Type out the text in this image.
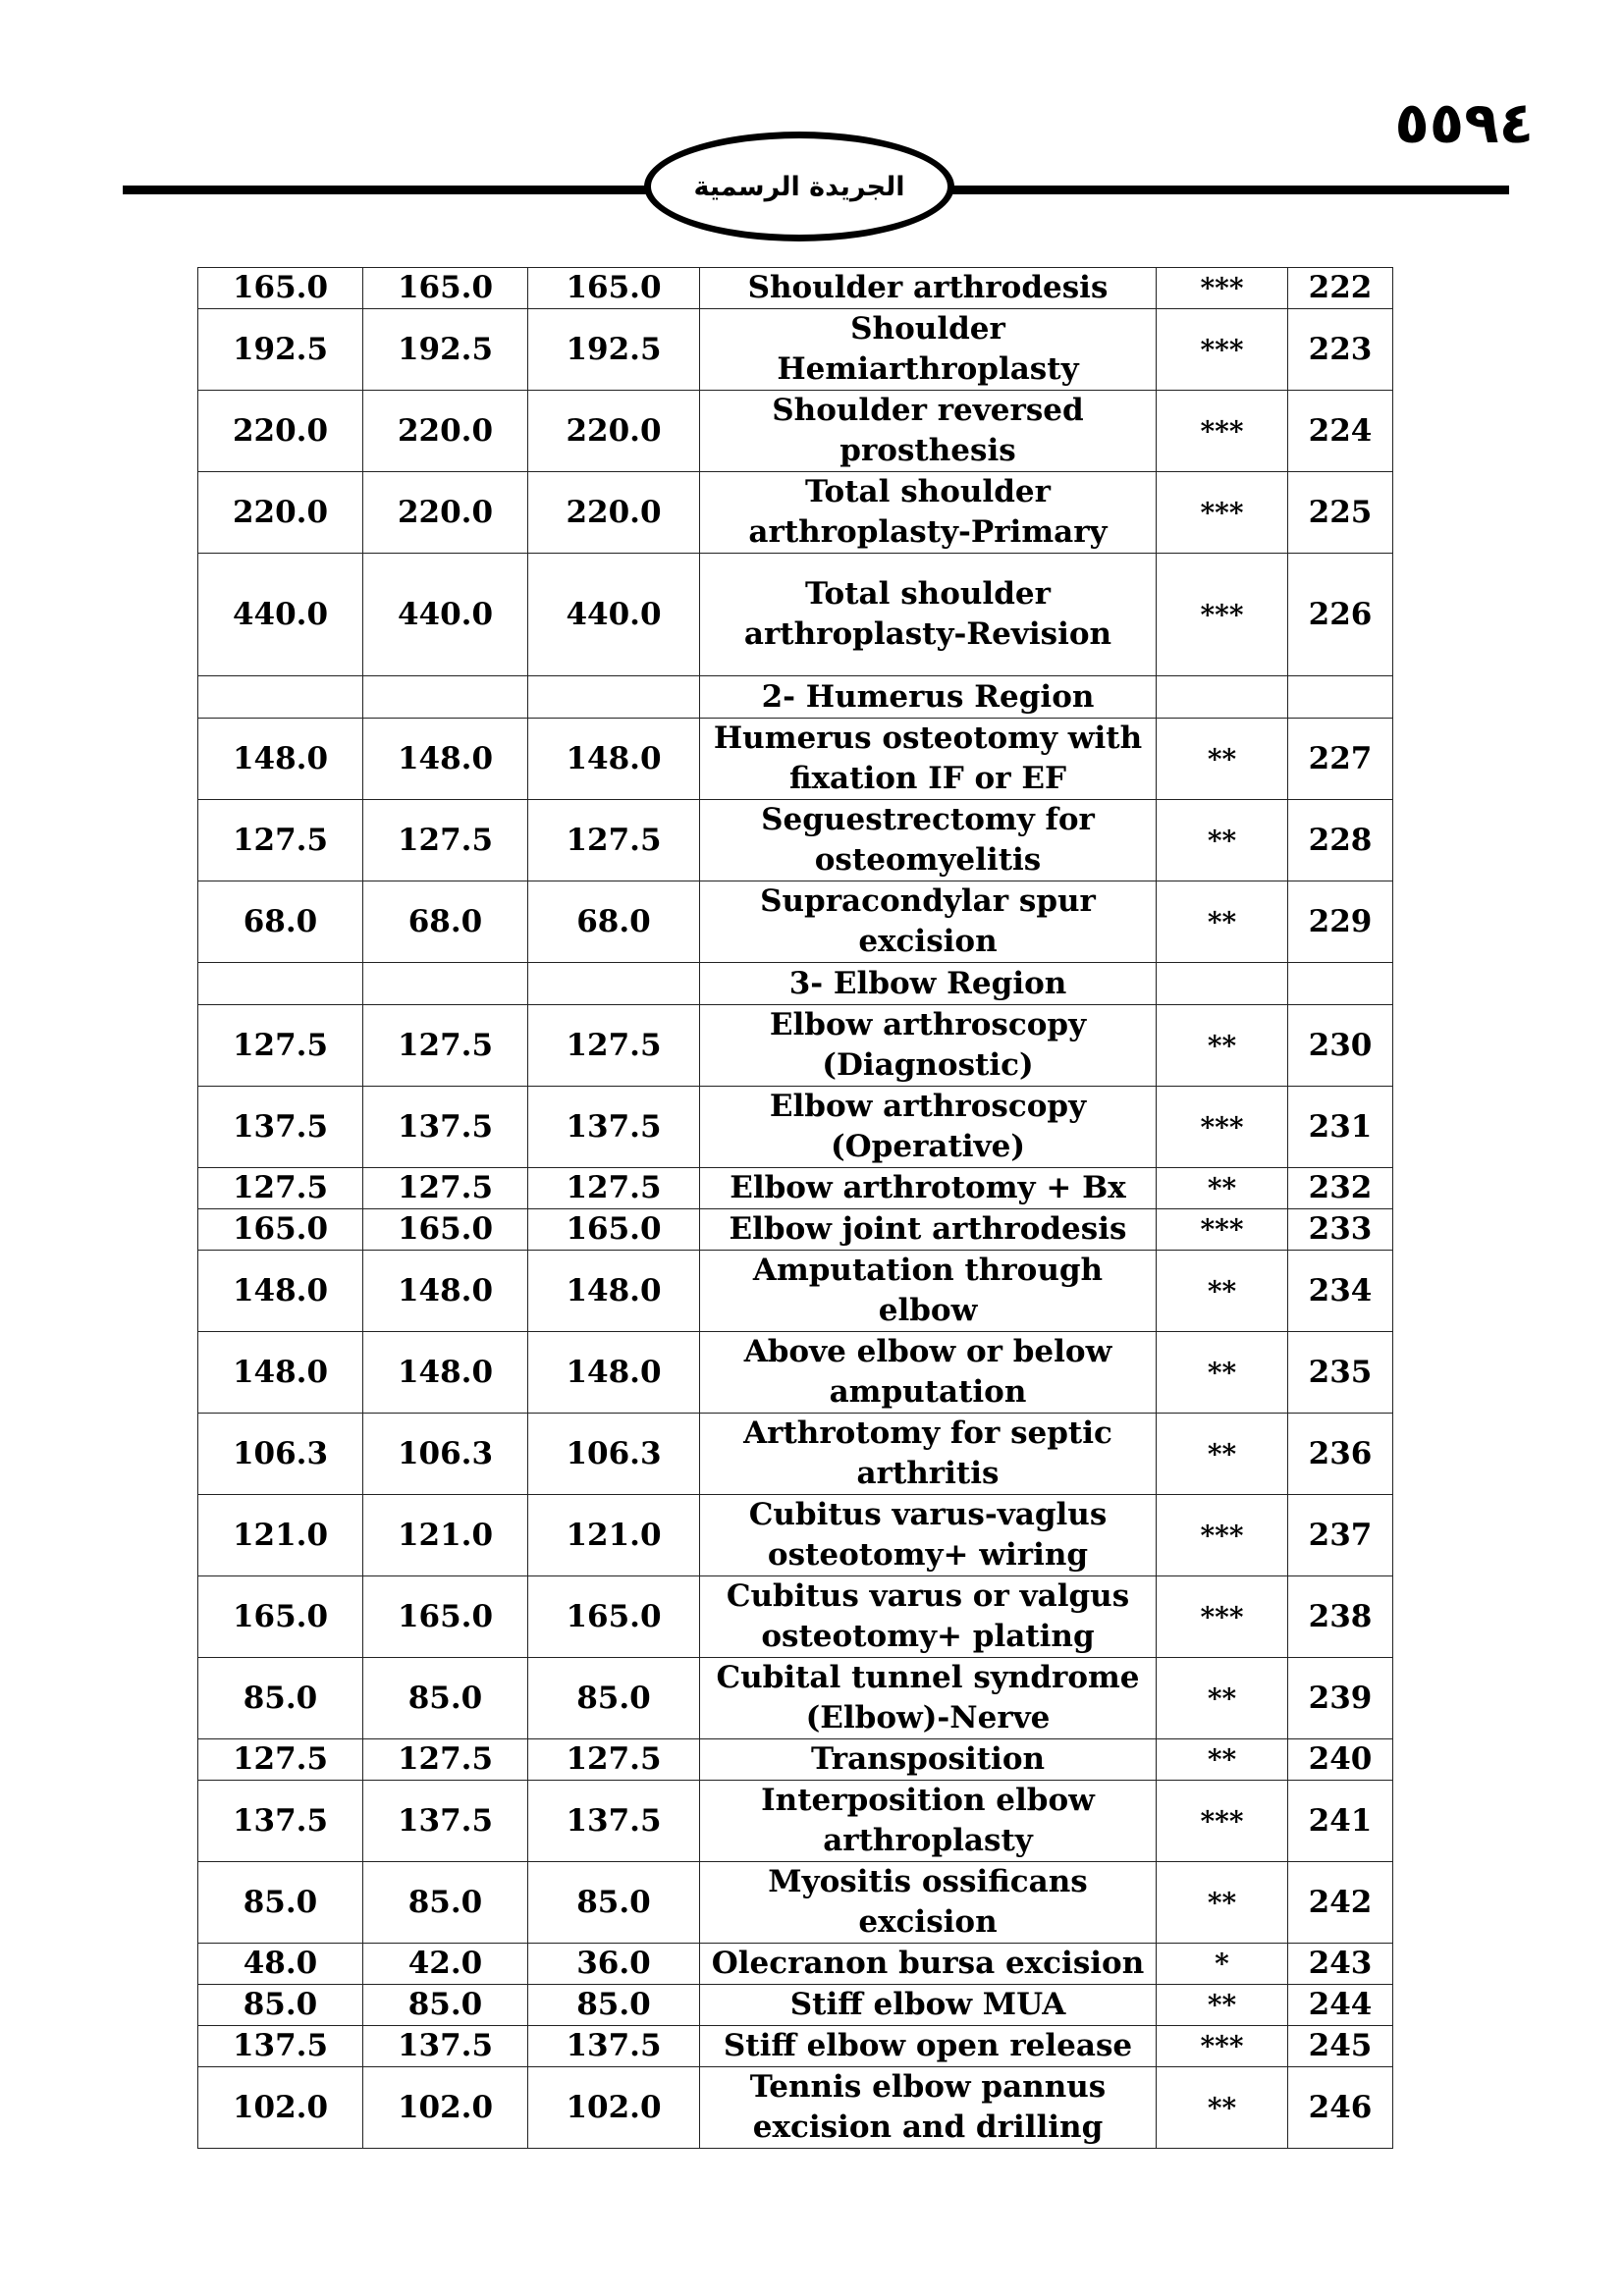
٥٥٩٤
الجريدة الرسمية
165.0	165.0	165.0	Shoulder arthrodesis	***	222
192.5	192.5	192.5	Shoulder Hemiarthroplasty	***	223
220.0	220.0	220.0	Shoulder reversed prosthesis	***	224
220.0	220.0	220.0	Total shoulder arthroplasty-Primary	***	225
440.0	440.0	440.0	Total shoulder arthroplasty-Revision	***	226
			2- Humerus Region		
148.0	148.0	148.0	Humerus osteotomy with fixation IF or EF	**	227
127.5	127.5	127.5	Seguestrectomy for osteomyelitis	**	228
68.0	68.0	68.0	Supracondylar spur excision	**	229
			3- Elbow Region		
127.5	127.5	127.5	Elbow arthroscopy (Diagnostic)	**	230
137.5	137.5	137.5	Elbow arthroscopy (Operative)	***	231
127.5	127.5	127.5	Elbow arthrotomy + Bx	**	232
165.0	165.0	165.0	Elbow joint arthrodesis	***	233
148.0	148.0	148.0	Amputation through elbow	**	234
148.0	148.0	148.0	Above elbow or below amputation	**	235
106.3	106.3	106.3	Arthrotomy for septic arthritis	**	236
121.0	121.0	121.0	Cubitus varus-vaglus osteotomy+ wiring	***	237
165.0	165.0	165.0	Cubitus varus or valgus osteotomy+ plating	***	238
85.0	85.0	85.0	Cubital tunnel syndrome (Elbow)-Nerve	**	239
127.5	127.5	127.5	Transposition	**	240
137.5	137.5	137.5	Interposition elbow arthroplasty	***	241
85.0	85.0	85.0	Myositis ossificans excision	**	242
48.0	42.0	36.0	Olecranon bursa excision	*	243
85.0	85.0	85.0	Stiff elbow MUA	**	244
137.5	137.5	137.5	Stiff elbow open release	***	245
102.0	102.0	102.0	Tennis elbow pannus excision and drilling	**	246
